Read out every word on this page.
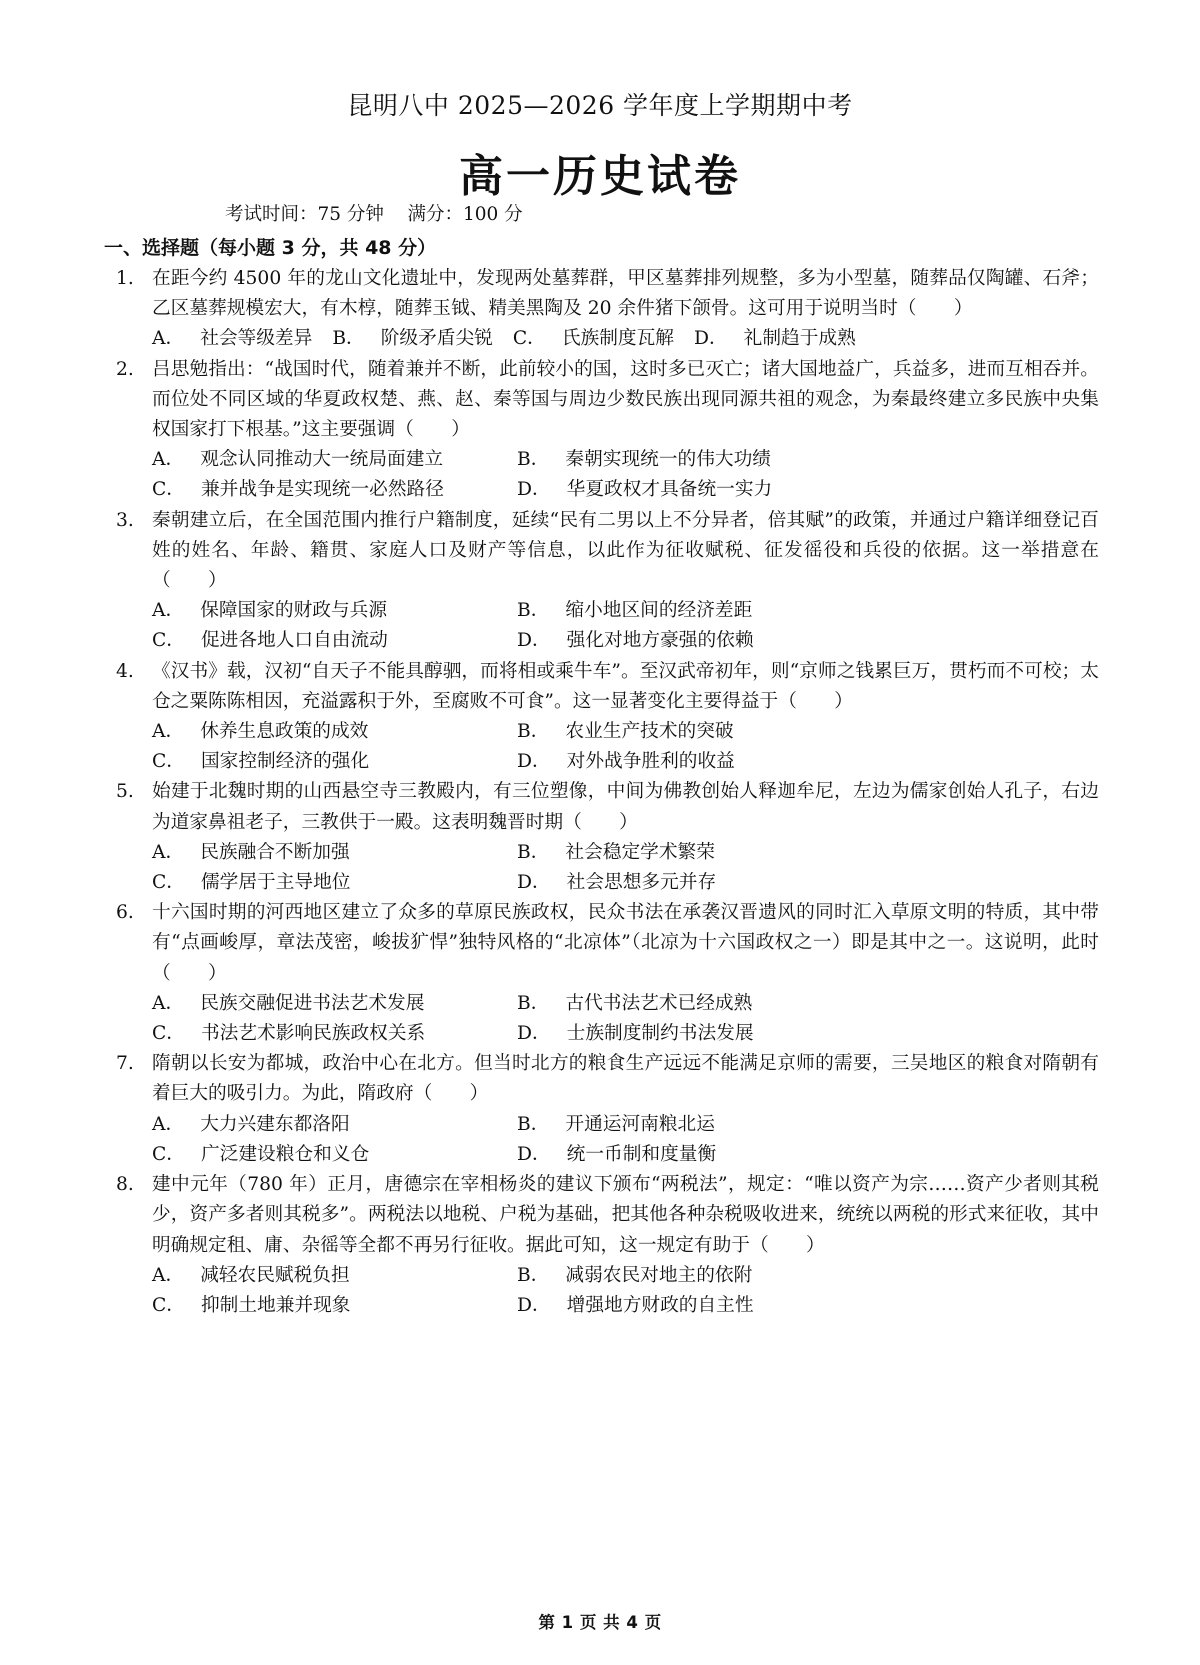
昆明八中 2025—2026 学年度上学期期中考
高一历史试卷
考试时间：75 分钟    满分：100 分
一、选择题（每小题 3 分，共 48 分）
1. 在距今约 4500 年的龙山文化遗址中，发现两处墓葬群，甲区墓葬排列规整，多为小型墓，随葬品仅陶罐、石斧；乙区墓葬规模宏大，有木椁，随葬玉钺、精美黑陶及 20 余件猪下颌骨。这可用于说明当时（　　）
A． 社会等级差异 B． 阶级矛盾尖锐 C． 氏族制度瓦解 D． 礼制趋于成熟
2. 吕思勉指出：“战国时代，随着兼并不断，此前较小的国，这时多已灭亡；诸大国地益广，兵益多，进而互相吞并。而位处不同区域的华夏政权楚、燕、赵、秦等国与周边少数民族出现同源共祖的观念，为秦最终建立多民族中央集权国家打下根基。”这主要强调（　　）
A． 观念认同推动大一统局面建立	B． 秦朝实现统一的伟大功绩
C． 兼并战争是实现统一必然路径	D． 华夏政权才具备统一实力
3. 秦朝建立后，在全国范围内推行户籍制度，延续“民有二男以上不分异者，倍其赋”的政策，并通过户籍详细登记百姓的姓名、年龄、籍贯、家庭人口及财产等信息，以此作为征收赋税、征发徭役和兵役的依据。这一举措意在（　　）
A． 保障国家的财政与兵源	B． 缩小地区间的经济差距
C． 促进各地人口自由流动	D． 强化对地方豪强的依赖
4. 《汉书》载，汉初“自天子不能具醇驷，而将相或乘牛车”。至汉武帝初年，则“京师之钱累巨万，贯朽而不可校；太仓之粟陈陈相因，充溢露积于外，至腐败不可食”。这一显著变化主要得益于（　　）
A． 休养生息政策的成效	B． 农业生产技术的突破
C． 国家控制经济的强化	D． 对外战争胜利的收益
5. 始建于北魏时期的山西悬空寺三教殿内，有三位塑像，中间为佛教创始人释迦牟尼，左边为儒家创始人孔子，右边为道家鼻祖老子，三教供于一殿。这表明魏晋时期（　　）
A． 民族融合不断加强	B． 社会稳定学术繁荣
C． 儒学居于主导地位	D． 社会思想多元并存
6. 十六国时期的河西地区建立了众多的草原民族政权，民众书法在承袭汉晋遗风的同时汇入草原文明的特质，其中带有“点画峻厚，章法茂密，峻拔犷悍”独特风格的“北凉体”（北凉为十六国政权之一）即是其中之一。这说明，此时（　　）
A． 民族交融促进书法艺术发展	B． 古代书法艺术已经成熟
C． 书法艺术影响民族政权关系	D． 士族制度制约书法发展
7. 隋朝以长安为都城，政治中心在北方。但当时北方的粮食生产远远不能满足京师的需要，三吴地区的粮食对隋朝有着巨大的吸引力。为此，隋政府（　　）
A． 大力兴建东都洛阳	B． 开通运河南粮北运
C． 广泛建设粮仓和义仓	D． 统一币制和度量衡
8. 建中元年（780 年）正月，唐德宗在宰相杨炎的建议下颁布“两税法”，规定：“唯以资产为宗……资产少者则其税少，资产多者则其税多”。两税法以地税、户税为基础，把其他各种杂税吸收进来，统统以两税的形式来征收，其中明确规定租、庸、杂徭等全都不再另行征收。据此可知，这一规定有助于（　　）
A． 减轻农民赋税负担	B． 减弱农民对地主的依附
C． 抑制土地兼并现象	D． 增强地方财政的自主性
第 1 页 共 4 页
